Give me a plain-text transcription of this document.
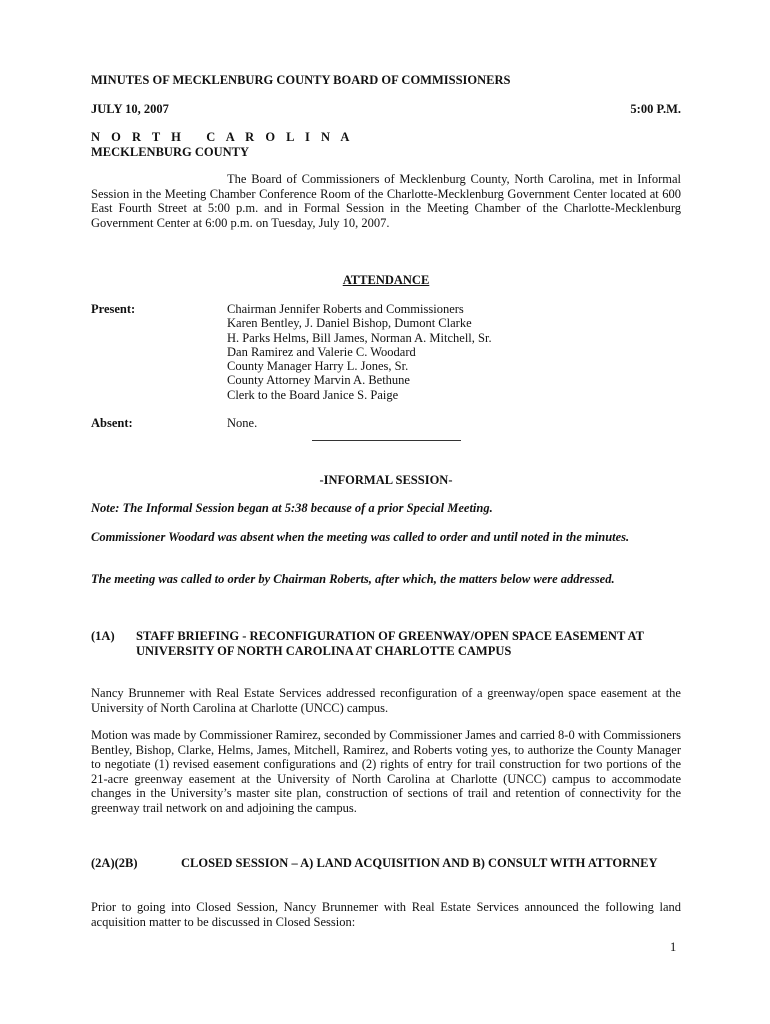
MINUTES OF MECKLENBURG COUNTY BOARD OF COMMISSIONERS
JULY 10, 2007	5:00 P.M.
N O R T H   C A R O L I N A
MECKLENBURG COUNTY
The Board of Commissioners of Mecklenburg County, North Carolina, met in Informal Session in the Meeting Chamber Conference Room of the Charlotte-Mecklenburg Government Center located at 600 East Fourth Street at 5:00 p.m. and in Formal Session in the Meeting Chamber of the Charlotte-Mecklenburg Government Center at 6:00 p.m. on Tuesday, July 10, 2007.
ATTENDANCE
Present:	Chairman Jennifer Roberts and Commissioners
Karen Bentley, J. Daniel Bishop, Dumont Clarke
H. Parks Helms, Bill James, Norman A. Mitchell, Sr.
Dan Ramirez and Valerie C. Woodard
County Manager Harry L. Jones, Sr.
County Attorney Marvin A. Bethune
Clerk to the Board Janice S. Paige
Absent:	None.
-INFORMAL SESSION-
Note: The Informal Session began at 5:38 because of a prior Special Meeting.
Commissioner Woodard was absent when the meeting was called to order and until noted in the minutes.
The meeting was called to order by Chairman Roberts, after which, the matters below were addressed.
(1A) STAFF BRIEFING - RECONFIGURATION OF GREENWAY/OPEN SPACE EASEMENT AT UNIVERSITY OF NORTH CAROLINA AT CHARLOTTE CAMPUS
Nancy Brunnemer with Real Estate Services addressed reconfiguration of a greenway/open space easement at the University of North Carolina at Charlotte (UNCC) campus.
Motion was made by Commissioner Ramirez, seconded by Commissioner James and carried 8-0 with Commissioners Bentley, Bishop, Clarke, Helms, James, Mitchell, Ramirez, and Roberts voting yes, to authorize the County Manager to negotiate (1) revised easement configurations and (2) rights of entry for trail construction for two portions of the 21-acre greenway easement at the University of North Carolina at Charlotte (UNCC) campus to accommodate changes in the University’s master site plan, construction of sections of trail and retention of connectivity for the greenway trail network on and adjoining the campus.
(2A)(2B)	CLOSED SESSION – A) LAND ACQUISITION AND B) CONSULT WITH ATTORNEY
Prior to going into Closed Session, Nancy Brunnemer with Real Estate Services announced the following land acquisition matter to be discussed in Closed Session:
1
